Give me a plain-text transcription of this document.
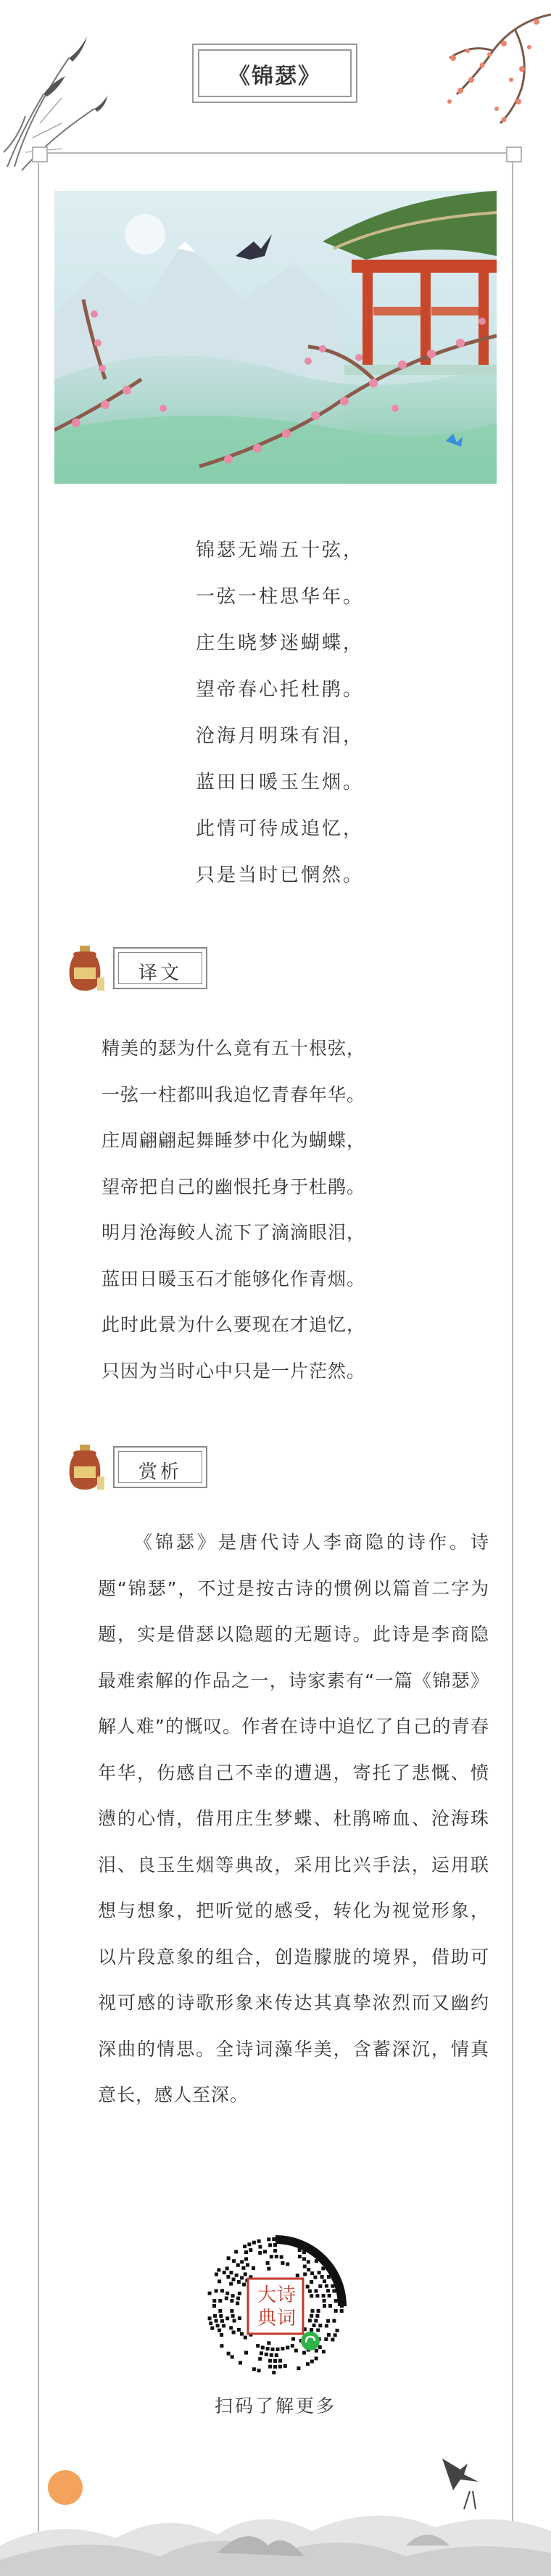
《锦瑟》
锦瑟无端五十弦，
一弦一柱思华年。
庄生晓梦迷蝴蝶，
望帝春心托杜鹃。
沧海月明珠有泪，
蓝田日暖玉生烟。
此情可待成追忆，
只是当时已惘然。
译文
精美的瑟为什么竟有五十根弦，
一弦一柱都叫我追忆青春年华。
庄周翩翩起舞睡梦中化为蝴蝶，
望帝把自己的幽恨托身于杜鹃。
明月沧海鲛人流下了滴滴眼泪，
蓝田日暖玉石才能够化作青烟。
此时此景为什么要现在才追忆，
只因为当时心中只是一片茫然。
赏析
《锦瑟》是唐代诗人李商隐的诗作。诗题“锦瑟”，不过是按古诗的惯例以篇首二字为题，实是借瑟以隐题的无题诗。此诗是李商隐最难索解的作品之一，诗家素有“一篇《锦瑟》解人难”的慨叹。作者在诗中追忆了自己的青春年华，伤感自己不幸的遭遇，寄托了悲慨、愤懑的心情，借用庄生梦蝶、杜鹃啼血、沧海珠泪、良玉生烟等典故，采用比兴手法，运用联想与想象，把听觉的感受，转化为视觉形象，以片段意象的组合，创造朦胧的境界，借助可视可感的诗歌形象来传达其真挚浓烈而又幽约深曲的情思。全诗词藻华美，含蓄深沉，情真意长，感人至深。
大 诗
典 词
扫码了解更多
